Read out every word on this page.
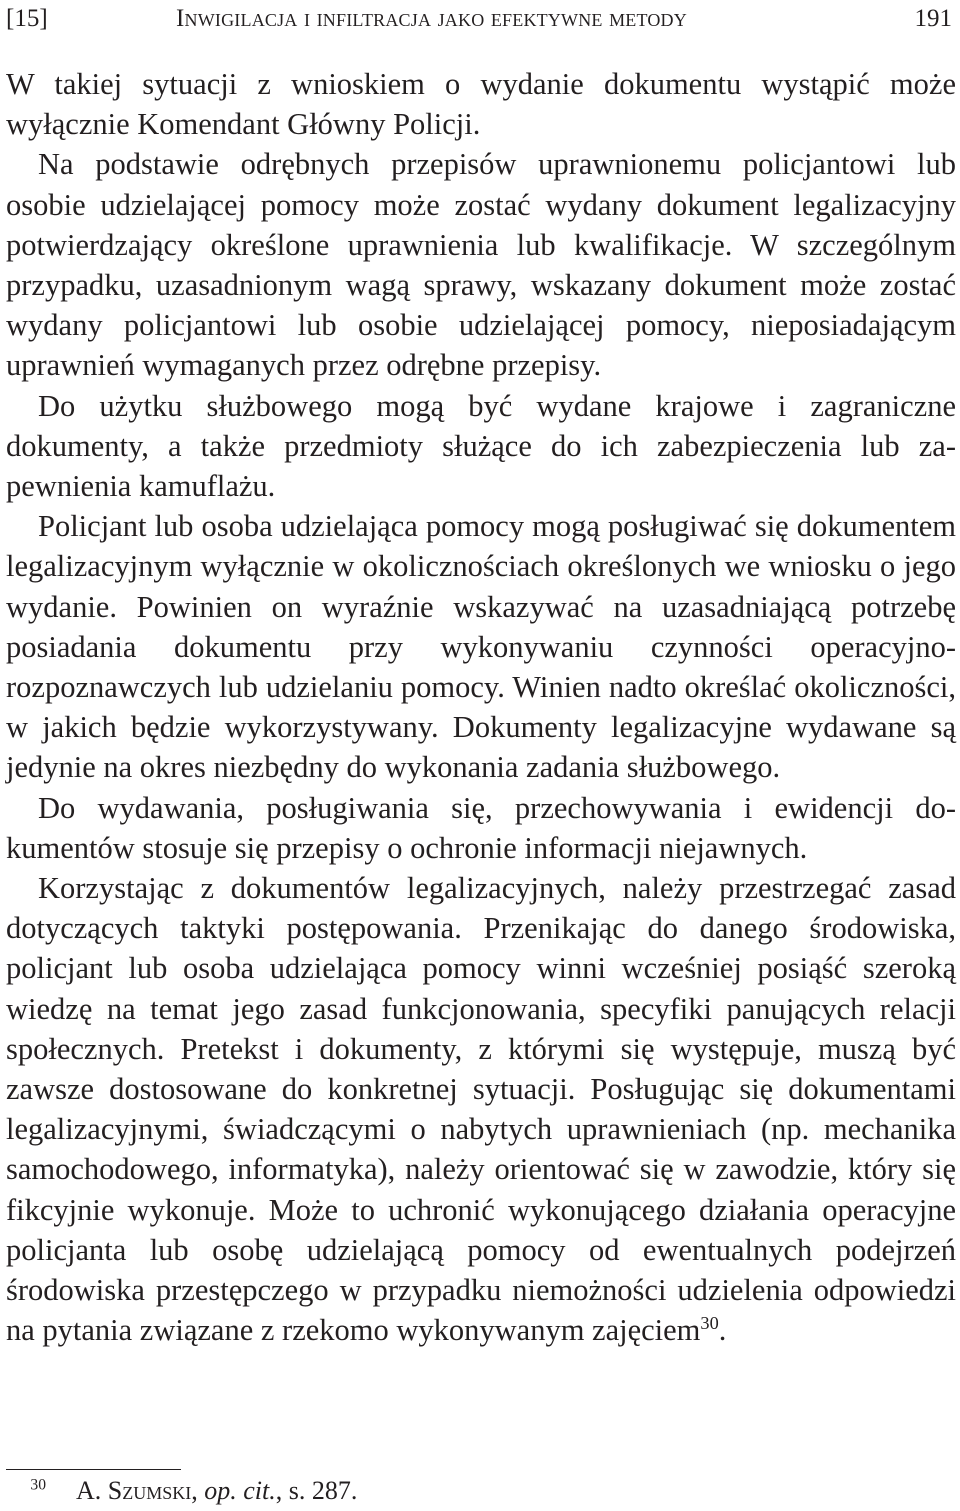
[15]	Inwigilacja i infiltracja jako efektywne metody	191

W takiej sytuacji z wnioskiem o wydanie dokumentu wystąpić może wyłącznie Komendant Główny Policji.

Na podstawie odrębnych przepisów uprawnionemu policjantowi lub osobie udzielającej pomocy może zostać wydany dokument legalizacyjny potwierdzający określone uprawnienia lub kwalifikacje. W szczególnym przypadku, uzasadnionym wagą sprawy, wskazany dokument może zostać wydany policjantowi lub osobie udzielającej pomocy, nieposiadającym uprawnień wymaganych przez odrębne przepisy.

Do użytku służbowego mogą być wydane krajowe i zagraniczne dokumenty, a także przedmioty służące do ich zabezpieczenia lub zapewnienia kamuflażu.

Policjant lub osoba udzielająca pomocy mogą posługiwać się dokumentem legalizacyjnym wyłącznie w okolicznościach określonych we wniosku o jego wydanie. Powinien on wyraźnie wskazywać na uzasadniającą potrzebę posiadania dokumentu przy wykonywaniu czynności operacyjno-rozpoznawczych lub udzielaniu pomocy. Winien nadto określać okoliczności, w jakich będzie wykorzystywany. Dokumenty legalizacyjne wydawane są jedynie na okres niezbędny do wykonania zadania służbowego.

Do wydawania, posługiwania się, przechowywania i ewidencji dokumentów stosuje się przepisy o ochronie informacji niejawnych.

Korzystając z dokumentów legalizacyjnych, należy przestrzegać zasad dotyczących taktyki postępowania. Przenikając do danego środowiska, policjant lub osoba udzielająca pomocy winni wcześniej posiąść szeroką wiedzę na temat jego zasad funkcjonowania, specyfiki panujących relacji społecznych. Pretekst i dokumenty, z którymi się występuje, muszą być zawsze dostosowane do konkretnej sytuacji. Posługując się dokumentami legalizacyjnymi, świadczącymi o nabytych uprawnieniach (np. mechanika samochodowego, informatyka), należy orientować się w zawodzie, który się fikcyjnie wykonuje. Może to uchronić wykonującego działania operacyjne policjanta lub osobę udzielającą pomocy od ewentualnych podejrzeń środowiska przestępczego w przypadku niemożności udzielenia odpowiedzi na pytania związane z rzekomo wykonywanym zajęciem$^{30}$.

$^{30}$ A. Szumski, op. cit., s. 287.
